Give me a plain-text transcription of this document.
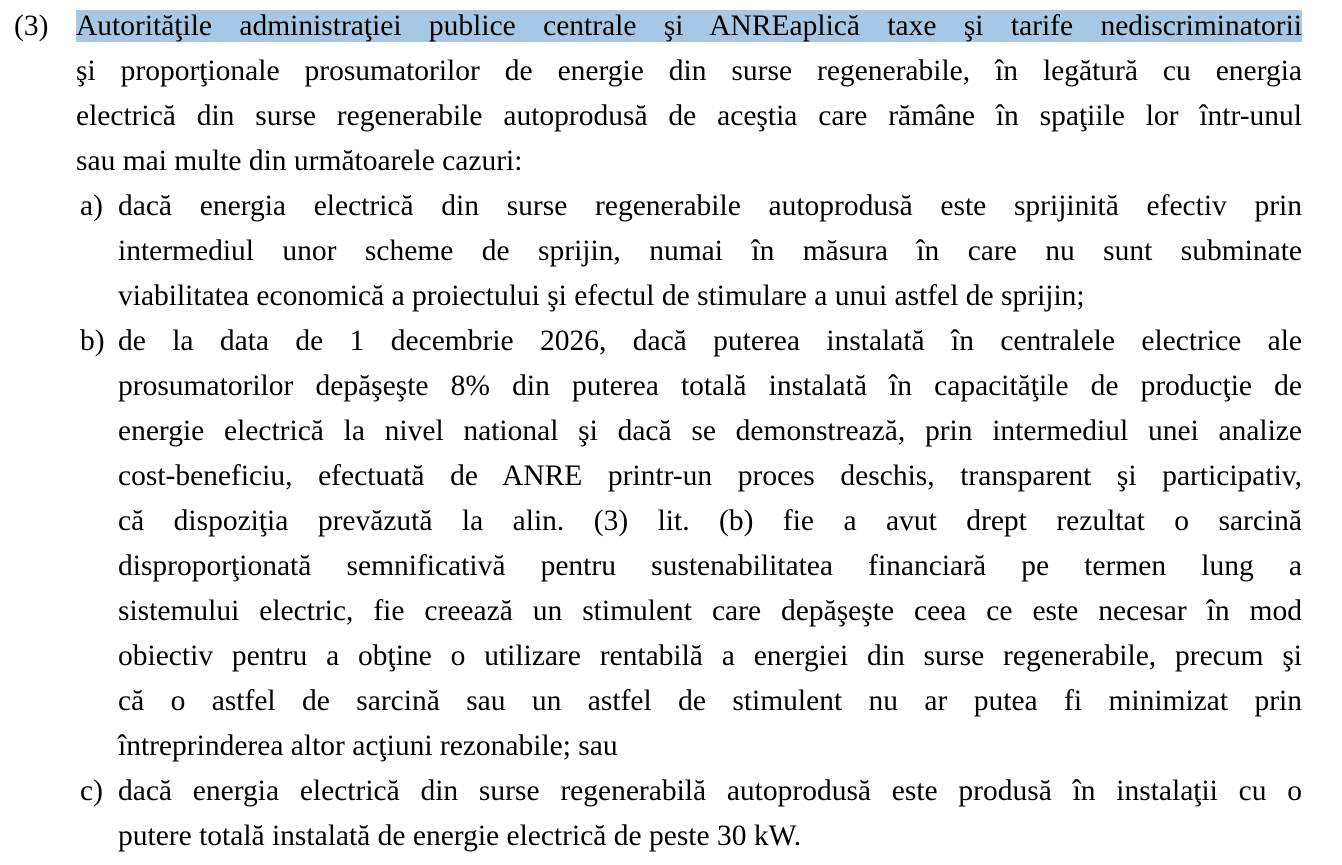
(3) Autorităţile administraţiei publice centrale şi ANREaplică taxe şi tarife nediscriminatorii
şi proporţionale prosumatorilor de energie din surse regenerabile, în legătură cu energia
electrică din surse regenerabile autoprodusă de aceştia care rămâne în spaţiile lor într-unul
sau mai multe din următoarele cazuri:
a) dacă energia electrică din surse regenerabile autoprodusă este sprijinită efectiv prin
intermediul unor scheme de sprijin, numai în măsura în care nu sunt subminate
viabilitatea economică a proiectului şi efectul de stimulare a unui astfel de sprijin;
b) de la data de 1 decembrie 2026, dacă puterea instalată în centralele electrice ale
prosumatorilor depăşeşte 8% din puterea totală instalată în capacităţile de producţie de
energie electrică la nivel national şi dacă se demonstrează, prin intermediul unei analize
cost-beneficiu, efectuată de ANRE printr-un proces deschis, transparent şi participativ,
că dispoziţia prevăzută la alin. (3) lit. (b) fie a avut drept rezultat o sarcină
disproporţionată semnificativă pentru sustenabilitatea financiară pe termen lung a
sistemului electric, fie creează un stimulent care depăşeşte ceea ce este necesar în mod
obiectiv pentru a obţine o utilizare rentabilă a energiei din surse regenerabile, precum şi
că o astfel de sarcină sau un astfel de stimulent nu ar putea fi minimizat prin
întreprinderea altor acţiuni rezonabile; sau
c) dacă energia electrică din surse regenerabilă autoprodusă este produsă în instalaţii cu o
putere totală instalată de energie electrică de peste 30 kW.
